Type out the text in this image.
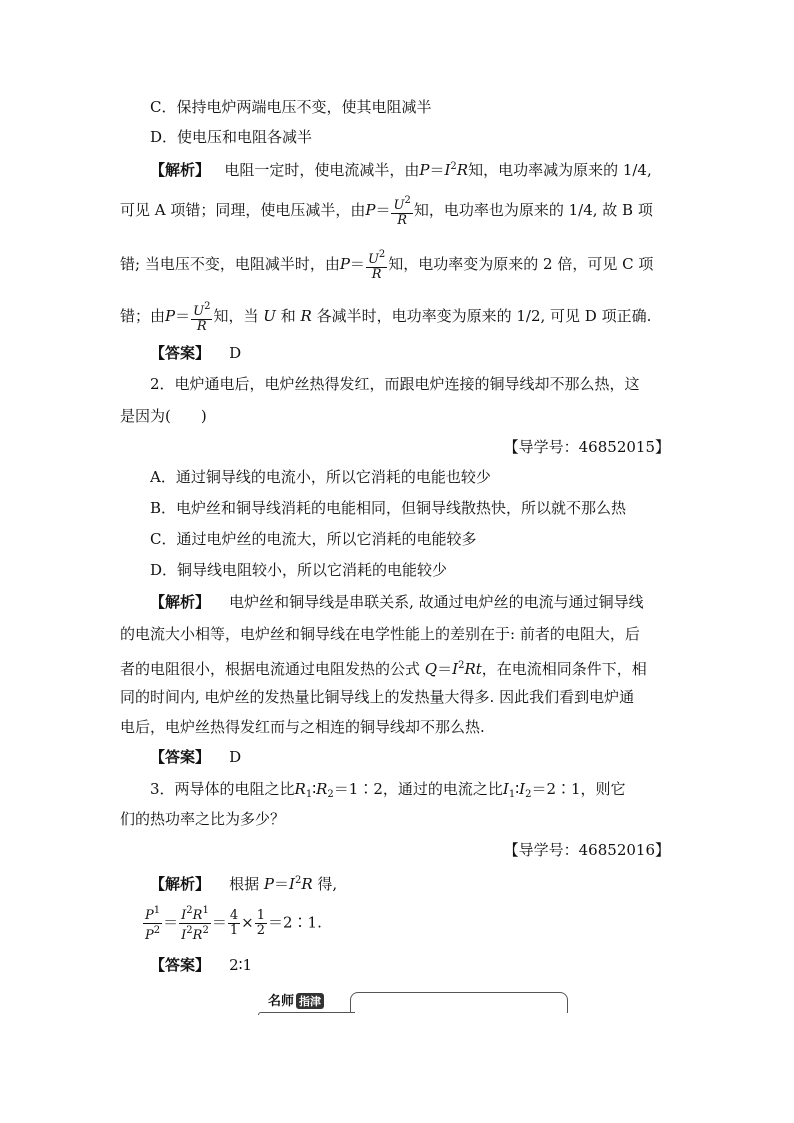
C．保持电炉两端电压不变，使其电阻减半
D．使电压和电阻各减半
【解析】 电阻一定时，使电流减半，由$P=I^2R$知，电功率减为原来的 1/4,
可见 A 项错；同理，使电压减半，由$P= \frac{U^2}{R}$ 知，电功率也为原来的 1/4, 故 B 项
错; 当电压不变，电阻减半时，由$P= \frac{U^2}{R}$ 知，电功率变为原来的 2 倍，可见 C 项
错；由$P= \frac{U^2}{R}$ 知，当 U 和 R 各减半时，电功率变为原来的 1/2, 可见 D 项正确.
【答案】 D
2．电炉通电后，电炉丝热得发红，而跟电炉连接的铜导线却不那么热，这
是因为(　　)
【导学号：46852015】
A．通过铜导线的电流小，所以它消耗的电能也较少
B．电炉丝和铜导线消耗的电能相同，但铜导线散热快，所以就不那么热
C．通过电炉丝的电流大，所以它消耗的电能较多
D．铜导线电阻较小，所以它消耗的电能较少
【解析】 电炉丝和铜导线是串联关系, 故通过电炉丝的电流与通过铜导线
的电流大小相等，电炉丝和铜导线在电学性能上的差别在于: 前者的电阻大，后
者的电阻很小，根据电流通过电阻发热的公式 $Q=I^2Rt$，在电流相同条件下，相
同的时间内, 电炉丝的发热量比铜导线上的发热量大得多. 因此我们看到电炉通
电后，电炉丝热得发红而与之相连的铜导线却不那么热.
【答案】 D
3．两导体的电阻之比$R_1∶R_2=1∶2$，通过的电流之比$I_1∶I_2=2∶1$，则它
们的热功率之比为多少？
【导学号：46852016】
【解析】 根据 $P=I^2R$ 得,
$\frac{P^1}{P^2} = \frac{I^2R^1}{I^2R^2} = \frac{4}{1} \times \frac{1}{2}$ ＝2∶1.
【答案】 2∶1
名师 指津
